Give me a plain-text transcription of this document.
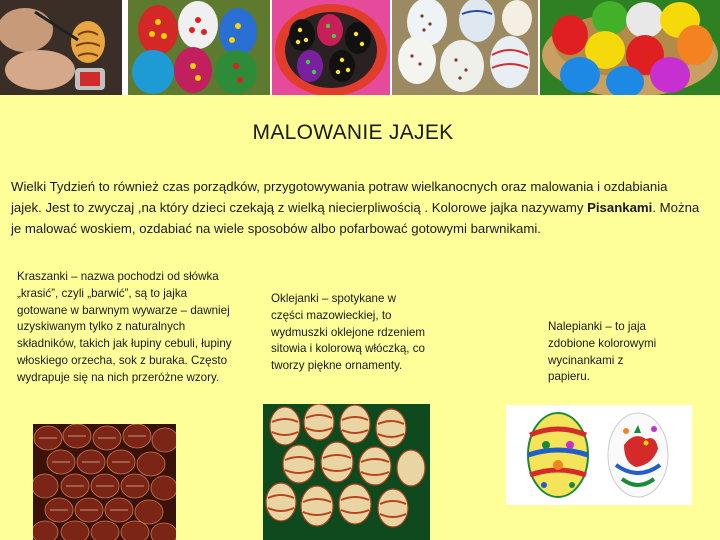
MALOWANIE JAJEK
Wielki Tydzień to również czas porządków, przygotowywania potraw wielkanocnych oraz malowania i ozdabiania jajek. Jest to zwyczaj ,na który dzieci czekają z wielką niecierpliwością . Kolorowe jajka nazywamy Pisankami. Można je malować woskiem, ozdabiać na wiele sposobów albo pofarbować gotowymi barwnikami.
Kraszanki – nazwa pochodzi od słówka „krasić”, czyli „barwić”, są to jajka gotowane w barwnym wywarze – dawniej uzyskiwanym tylko z naturalnych składników, takich jak łupiny cebuli, łupiny włoskiego orzecha, sok z buraka. Często wydrapuje się na nich przeróżne wzory.
Oklejanki – spotykane w części mazowieckiej, to wydmuszki oklejone rdzeniem sitowia i kolorową włóczką, co tworzy piękne ornamenty.
Nalepianki – to jaja zdobione kolorowymi wycinankami z papieru.
